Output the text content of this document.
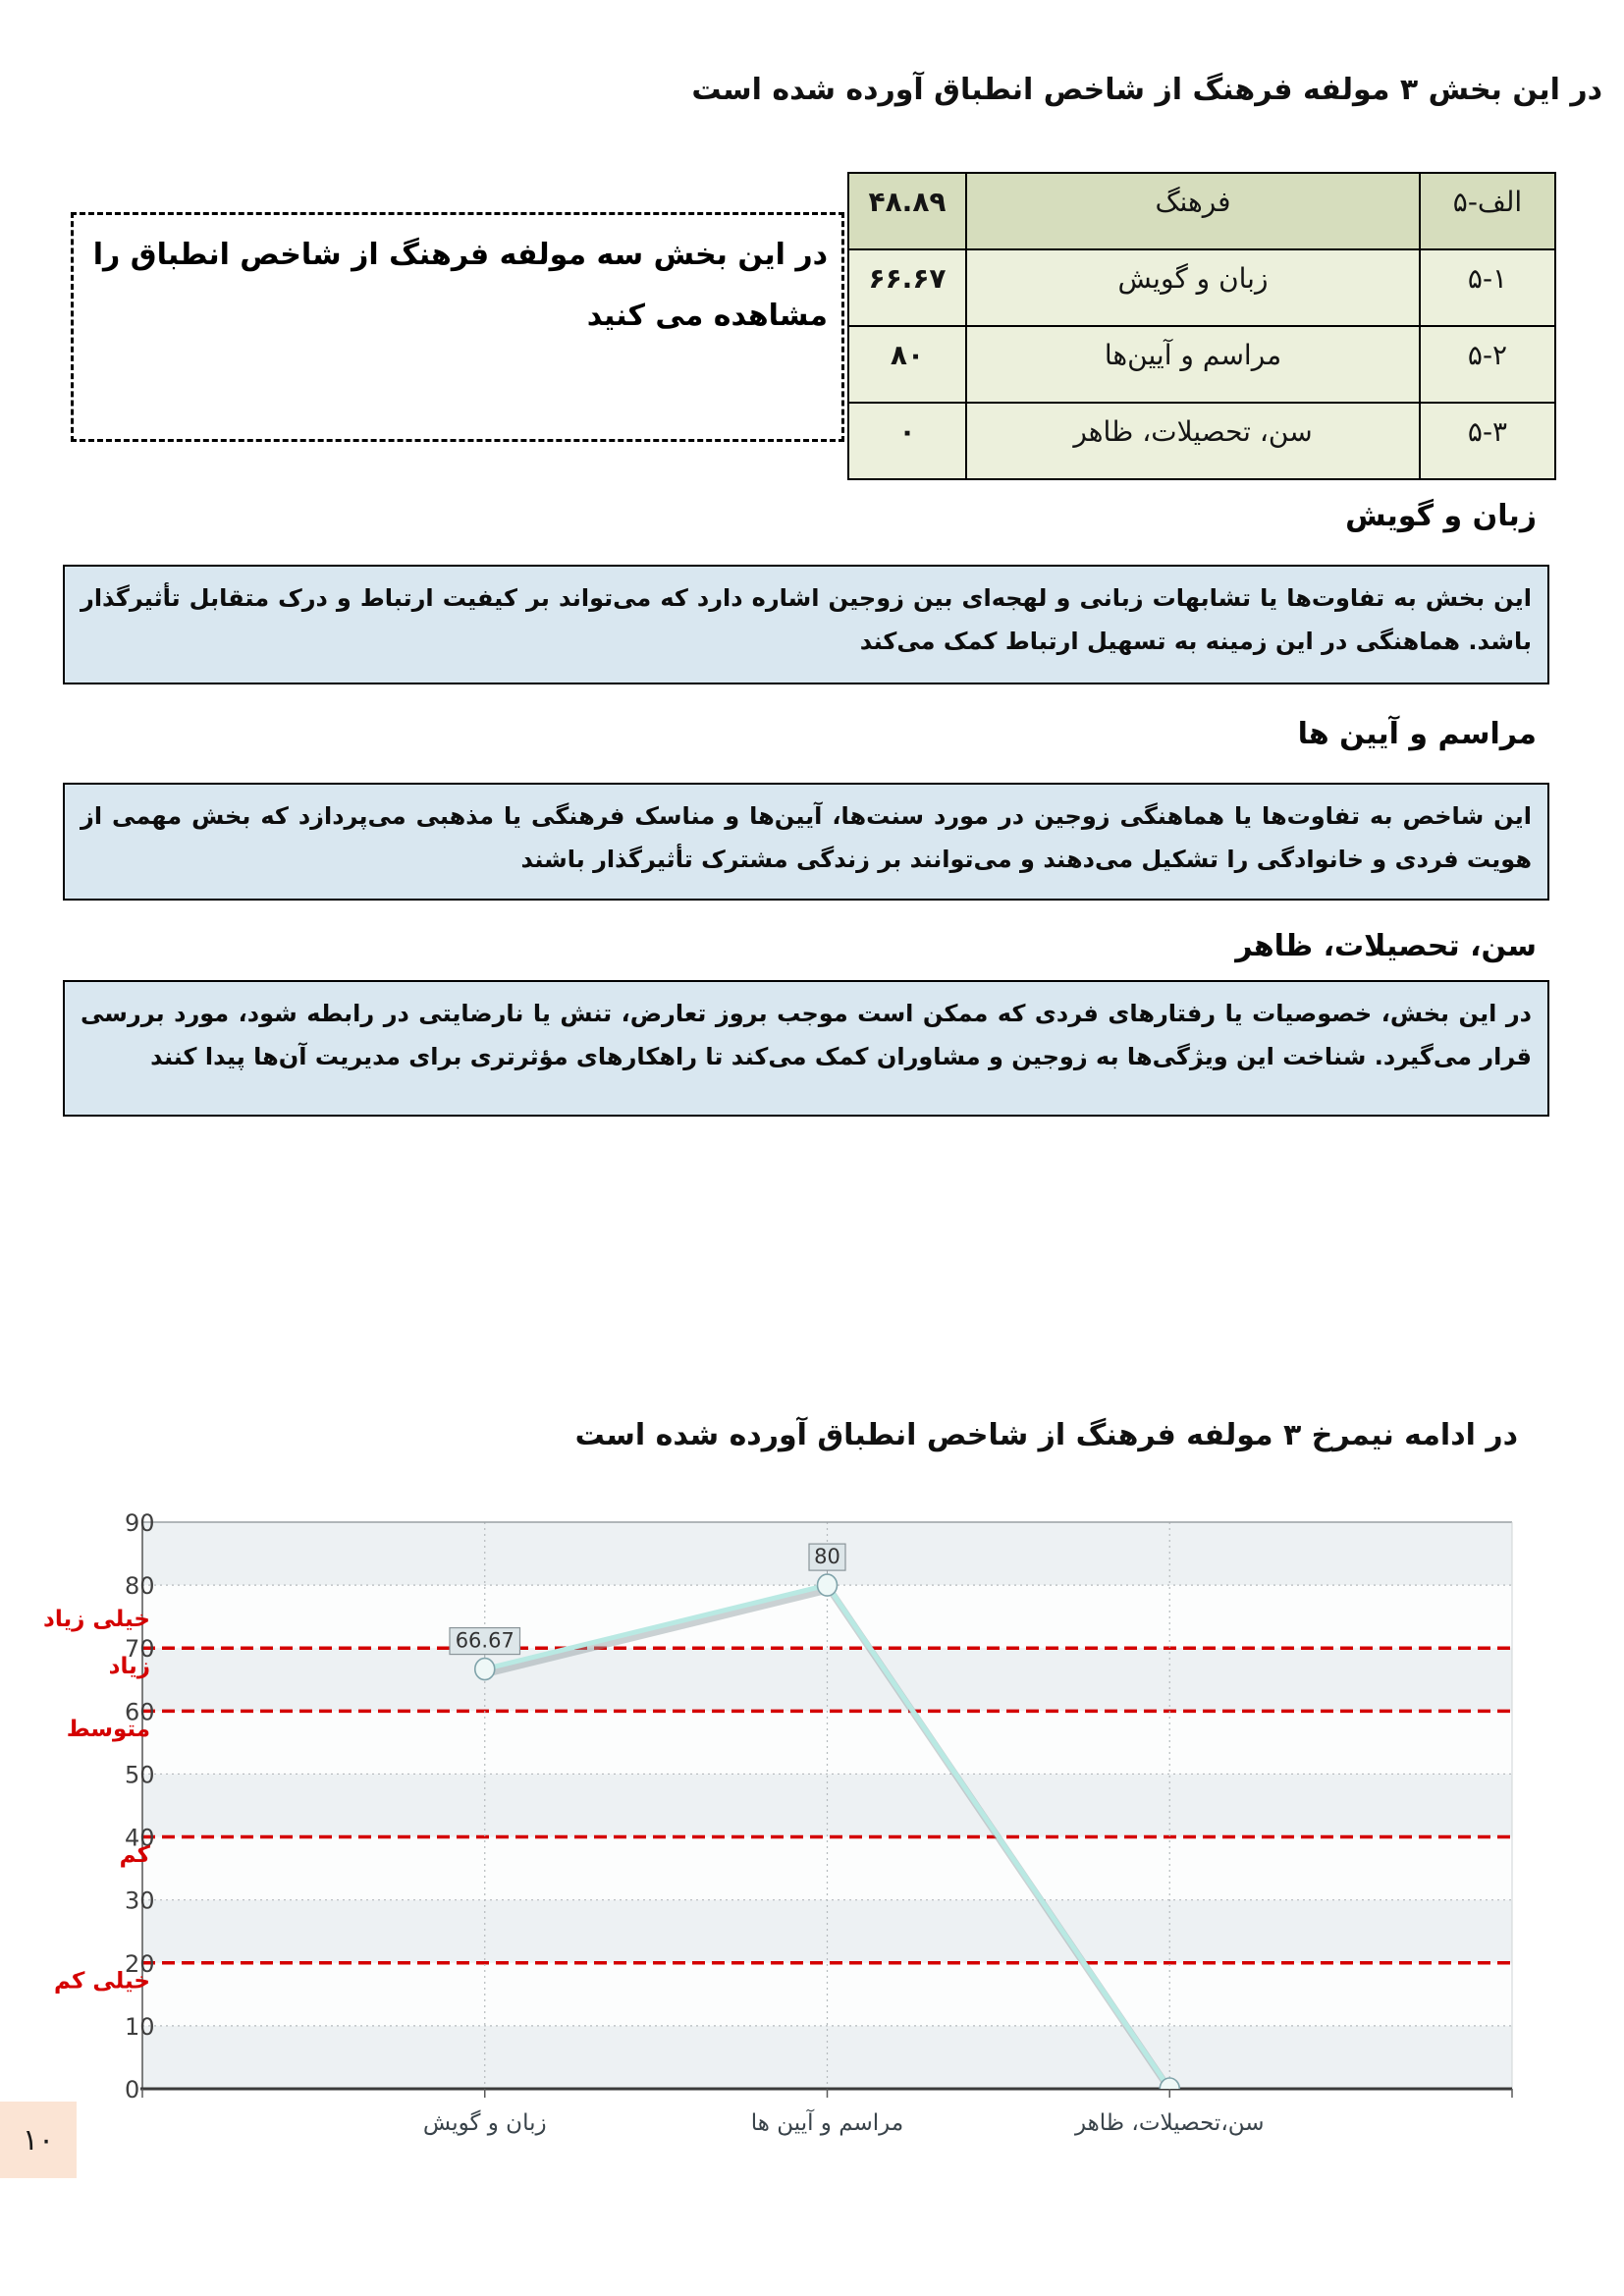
در این بخش ۳ مولفه فرهنگ از شاخص انطباق آورده شده است
الف-۵	فرهنگ	۴۸.۸۹
۵-۱	زبان و گویش	۶۶.۶۷
۵-۲	مراسم و آیین‌ها	۸۰
۵-۳	سن، تحصیلات، ظاهر	۰
در این بخش سه مولفه فرهنگ از شاخص انطباق را
مشاهده می کنید
زبان و گویش
این بخش به تفاوت‌ها یا تشابهات زبانی و لهجه‌ای بین زوجین اشاره دارد که می‌تواند بر کیفیت ارتباط و درک متقابل تأثیرگذار باشد. هماهنگی در این زمینه به تسهیل ارتباط کمک می‌کند
مراسم و آیین ها
این شاخص به تفاوت‌ها یا هماهنگی زوجین در مورد سنت‌ها، آیین‌ها و مناسک فرهنگی یا مذهبی می‌پردازد که بخش مهمی از هویت فردی و خانوادگی را تشکیل می‌دهند و می‌توانند بر زندگی مشترک تأثیرگذار باشند
سن، تحصیلات، ظاهر
در این بخش، خصوصیات یا رفتارهای فردی که ممکن است موجب بروز تعارض، تنش یا نارضایتی در رابطه شود، مورد بررسی قرار می‌گیرد. شناخت این ویژگی‌ها به زوجین و مشاوران کمک می‌کند تا راهکارهای مؤثرتری برای مدیریت آن‌ها پیدا کنند
در ادامه نیمرخ ۳ مولفه فرهنگ از شاخص انطباق آورده شده است
0
10
20
30
40
50
60
70
80
90
زبان و گویش	مراسم و آیین ها	سن،تحصیلات، ظاهر
خیلی زیاد
زیاد
متوسط
کم
خیلی کم
66.67
80
۱۰
